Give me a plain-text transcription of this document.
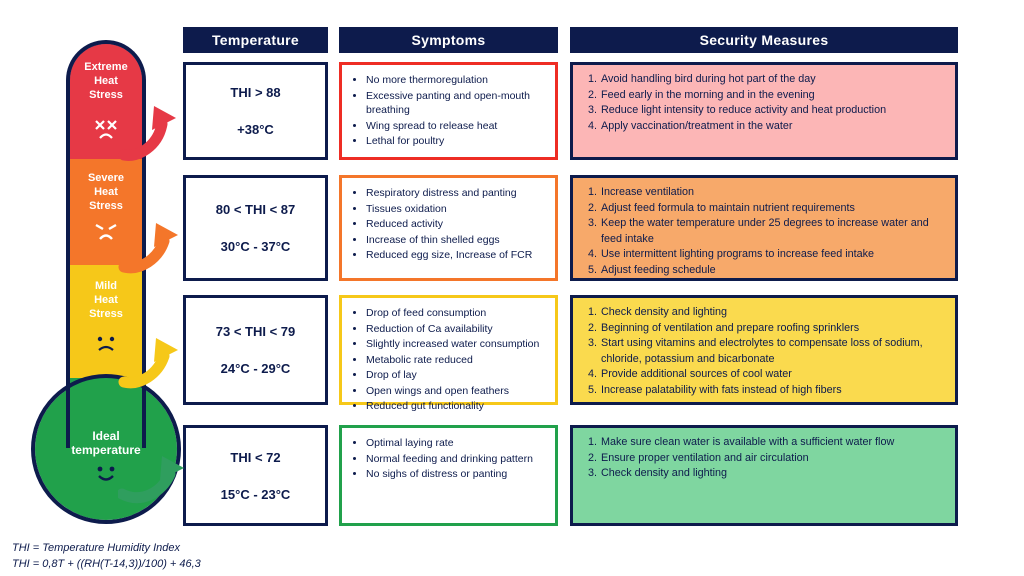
Temperature	Symptoms	Security Measures
Extreme
Heat
Stress
Severe
Heat
Stress
Mild
Heat
Stress
Ideal
temperature
THI > 88
+38°C
80 < THI < 87
30°C - 37°C
73 < THI < 79
24°C - 29°C
THI < 72
15°C - 23°C
• No more thermoregulation
• Excessive panting and open-mouth breathing
• Wing spread to release heat
• Lethal for poultry
• Respiratory distress and panting
• Tissues oxidation
• Reduced activity
• Increase of thin shelled eggs
• Reduced egg size, Increase of FCR
• Drop of feed consumption
• Reduction of Ca availability
• Slightly increased water consumption
• Metabolic rate reduced
• Drop of lay
• Open wings and open feathers
• Reduced gut functionality
• Optimal laying rate
• Normal feeding and drinking pattern
• No sighs of distress or panting
1. Avoid handling bird during hot part of the day
2. Feed early in the morning and in the evening
3. Reduce light intensity to reduce activity and heat production
4. Apply vaccination/treatment in the water
1. Increase ventilation
2. Adjust feed formula to maintain nutrient requirements
3. Keep the water temperature under 25 degrees to increase water and feed intake
4. Use intermittent lighting programs to increase feed intake
5. Adjust feeding schedule
1. Check density and lighting
2. Beginning of ventilation and prepare roofing sprinklers
3. Start using vitamins and electrolytes to compensate loss of sodium, chloride, potassium and bicarbonate
4. Provide additional sources of cool water
5. Increase palatability with fats instead of high fibers
1. Make sure clean water is available with a sufficient water flow
2. Ensure proper ventilation and air circulation
3. Check density and lighting
THI = Temperature Humidity Index
THI = 0,8T + ((RH(T-14,3))/100) + 46,3
